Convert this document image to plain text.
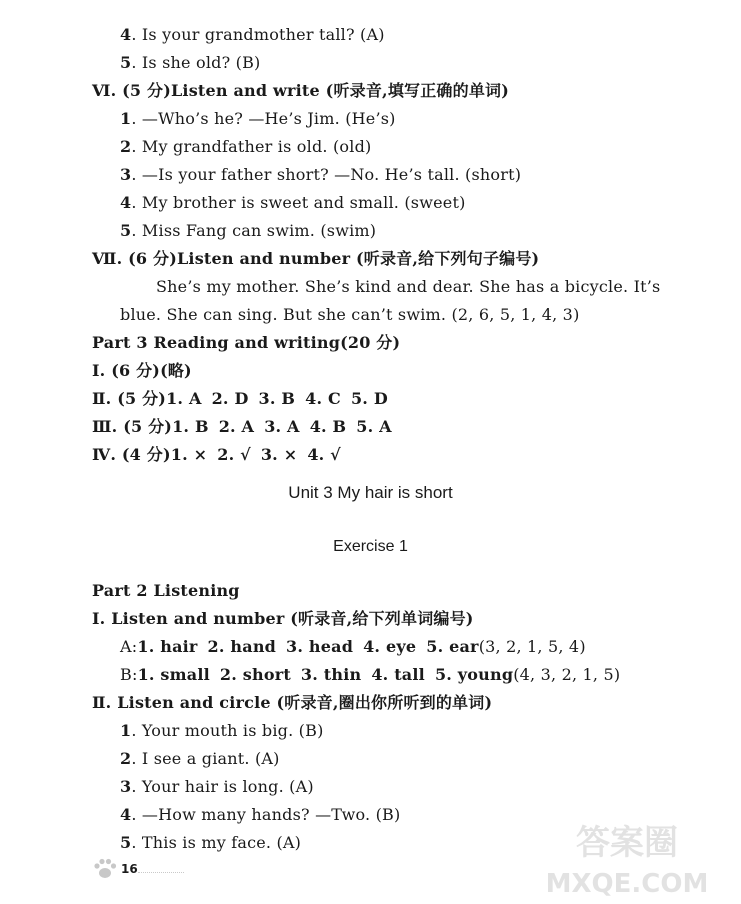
4. Is your grandmother tall? (A)
5. Is she old? (B)
Ⅵ. (5 分)Listen and write (听录音,填写正确的单词)
1. —Who’s he? —He’s Jim. (He’s)
2. My grandfather is old. (old)
3. —Is your father short? —No. He’s tall. (short)
4. My brother is sweet and small. (sweet)
5. Miss Fang can swim. (swim)
Ⅶ. (6 分)Listen and number (听录音,给下列句子编号)
She’s my mother. She’s kind and dear. She has a bicycle. It’s
blue. She can sing. But she can’t swim. (2, 6, 5, 1, 4, 3)
Part 3 Reading and writing(20 分)
Ⅰ. (6 分)(略)
Ⅱ. (5 分)1. A 2. D 3. B 4. C 5. D
Ⅲ. (5 分)1. B 2. A 3. A 4. B 5. A
Ⅳ. (4 分)1. × 2. √ 3. × 4. √
Unit 3 My hair is short
Exercise 1
Part 2 Listening
Ⅰ. Listen and number (听录音,给下列单词编号)
A:1. hair 2. hand 3. head 4. eye 5. ear(3, 2, 1, 5, 4)
B:1. small 2. short 3. thin 4. tall 5. young(4, 3, 2, 1, 5)
Ⅱ. Listen and circle (听录音,圈出你所听到的单词)
1. Your mouth is big. (B)
2. I see a giant. (A)
3. Your hair is long. (A)
4. —How many hands? —Two. (B)
5. This is my face. (A)
16
答案圈
MXQE.COM
